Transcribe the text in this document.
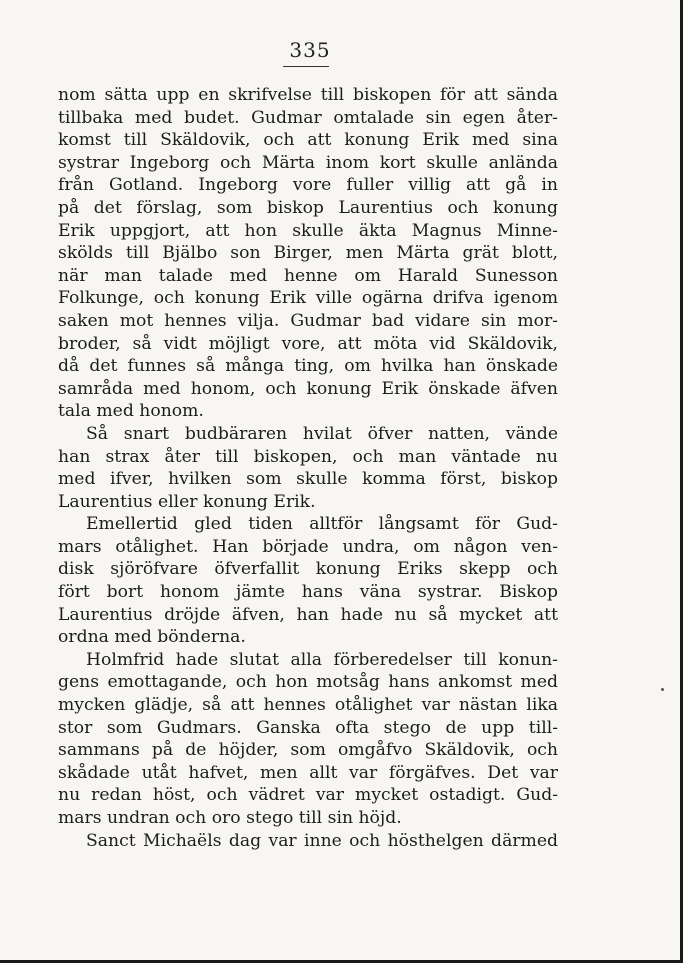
335
nom sätta upp en skrifvelse till biskopen för att sända
tillbaka med budet. Gudmar omtalade sin egen åter-
komst till Skäldovik, och att konung Erik med sina
systrar Ingeborg och Märta inom kort skulle anlända
från Gotland. Ingeborg vore fuller villig att gå in
på det förslag, som biskop Laurentius och konung
Erik uppgjort, att hon skulle äkta Magnus Minne-
skölds till Bjälbo son Birger, men Märta grät blott,
när man talade med henne om Harald Sunesson
Folkunge, och konung Erik ville ogärna drifva igenom
saken mot hennes vilja. Gudmar bad vidare sin mor-
broder, så vidt möjligt vore, att möta vid Skäldovik,
då det funnes så många ting, om hvilka han önskade
samråda med honom, och konung Erik önskade äfven
tala med honom.
Så snart budbäraren hvilat öfver natten, vände
han strax åter till biskopen, och man väntade nu
med ifver, hvilken som skulle komma först, biskop
Laurentius eller konung Erik.
Emellertid gled tiden alltför långsamt för Gud-
mars otålighet. Han började undra, om någon ven-
disk sjöröfvare öfverfallit konung Eriks skepp och
fört bort honom jämte hans väna systrar. Biskop
Laurentius dröjde äfven, han hade nu så mycket att
ordna med bönderna.
Holmfrid hade slutat alla förberedelser till konun-
gens emottagande, och hon motsåg hans ankomst med
mycken glädje, så att hennes otålighet var nästan lika
stor som Gudmars. Ganska ofta stego de upp till-
sammans på de höjder, som omgåfvo Skäldovik, och
skådade utåt hafvet, men allt var förgäfves. Det var
nu redan höst, och vädret var mycket ostadigt. Gud-
mars undran och oro stego till sin höjd.
Sanct Michaëls dag var inne och hösthelgen därmed
